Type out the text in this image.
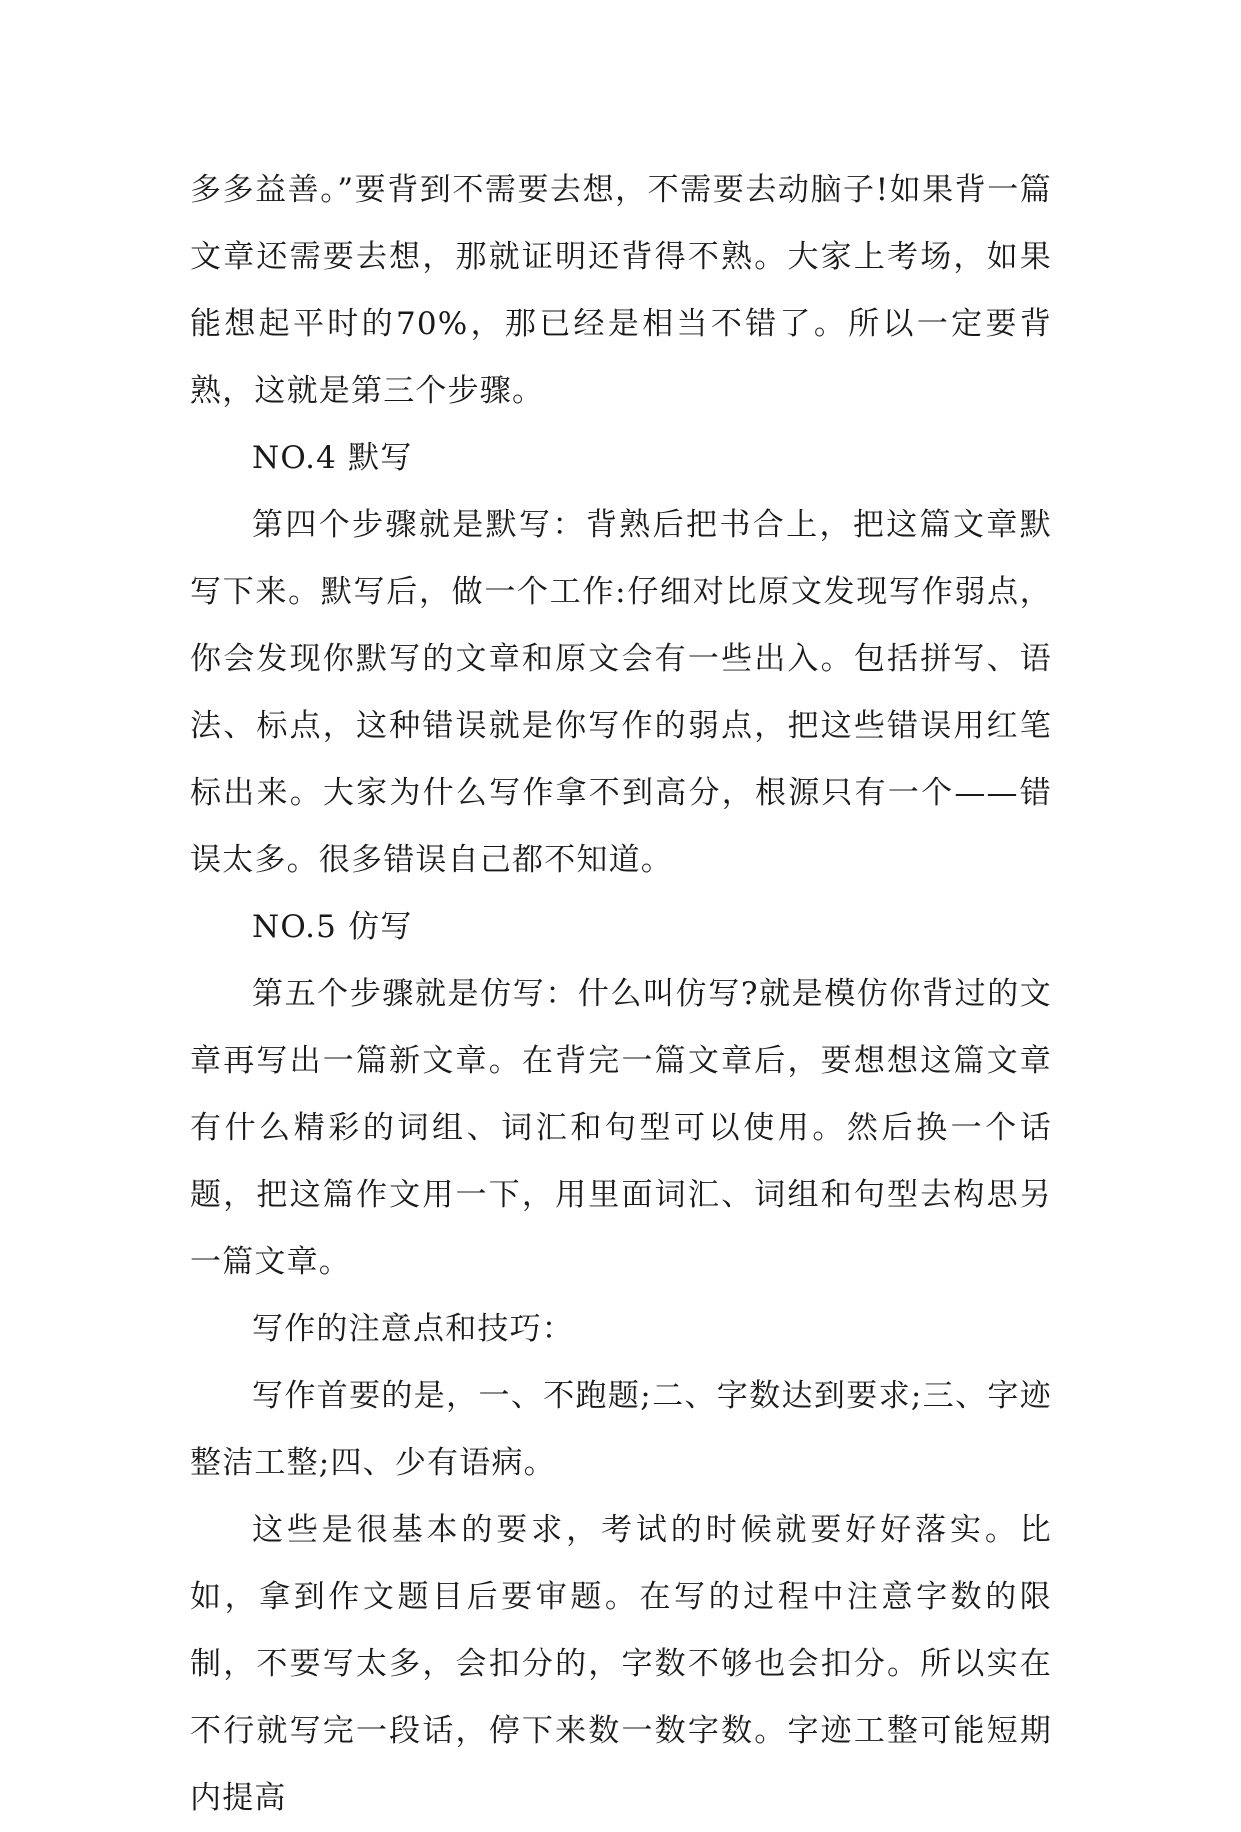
多多益善。”要背到不需要去想，不需要去动脑子!如果背一篇文章还需要去想，那就证明还背得不熟。大家上考场，如果能想起平时的70%，那已经是相当不错了。所以一定要背熟，这就是第三个步骤。

NO.4 默写

第四个步骤就是默写：背熟后把书合上，把这篇文章默写下来。默写后，做一个工作:仔细对比原文发现写作弱点，你会发现你默写的文章和原文会有一些出入。包括拼写、语法、标点，这种错误就是你写作的弱点，把这些错误用红笔标出来。大家为什么写作拿不到高分，根源只有一个——错误太多。很多错误自己都不知道。

NO.5 仿写

第五个步骤就是仿写：什么叫仿写?就是模仿你背过的文章再写出一篇新文章。在背完一篇文章后，要想想这篇文章有什么精彩的词组、词汇和句型可以使用。然后换一个话题，把这篇作文用一下，用里面词汇、词组和句型去构思另一篇文章。

写作的注意点和技巧：

写作首要的是，一、不跑题;二、字数达到要求;三、字迹整洁工整;四、少有语病。

这些是很基本的要求，考试的时候就要好好落实。比如，拿到作文题目后要审题。在写的过程中注意字数的限制，不要写太多，会扣分的，字数不够也会扣分。所以实在不行就写完一段话，停下来数一数字数。字迹工整可能短期内提高
